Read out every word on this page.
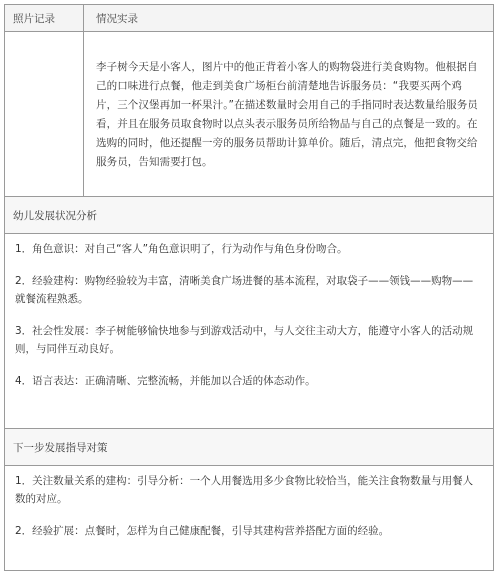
照片记录	情况实录
李子树今天是小客人，图片中的他正背着小客人的购物袋进行美食购物。他根据自己的口味进行点餐，他走到美食广场柜台前清楚地告诉服务员：“我要买两个鸡片，三个汉堡再加一杯果汁。”在描述数量时会用自己的手指同时表达数量给服务员看，并且在服务员取食物时以点头表示服务员所给物品与自己的点餐是一致的。在选购的同时，他还提醒一旁的服务员帮助计算单价。随后，清点完，他把食物交给服务员，告知需要打包。
幼儿发展状况分析
1．角色意识：对自己“客人”角色意识明了，行为动作与角色身份吻合。
2．经验建构：购物经验较为丰富，清晰美食广场进餐的基本流程，对取袋子——领钱——购物——就餐流程熟悉。
3．社会性发展：李子树能够愉快地参与到游戏活动中，与人交往主动大方，能遵守小客人的活动规则，与同伴互动良好。
4．语言表达：正确清晰、完整流畅，并能加以合适的体态动作。
下一步发展指导对策
1．关注数量关系的建构：引导分析：一个人用餐选用多少食物比较恰当，能关注食物数量与用餐人数的对应。
2．经验扩展：点餐时，怎样为自己健康配餐，引导其建构营养搭配方面的经验。
